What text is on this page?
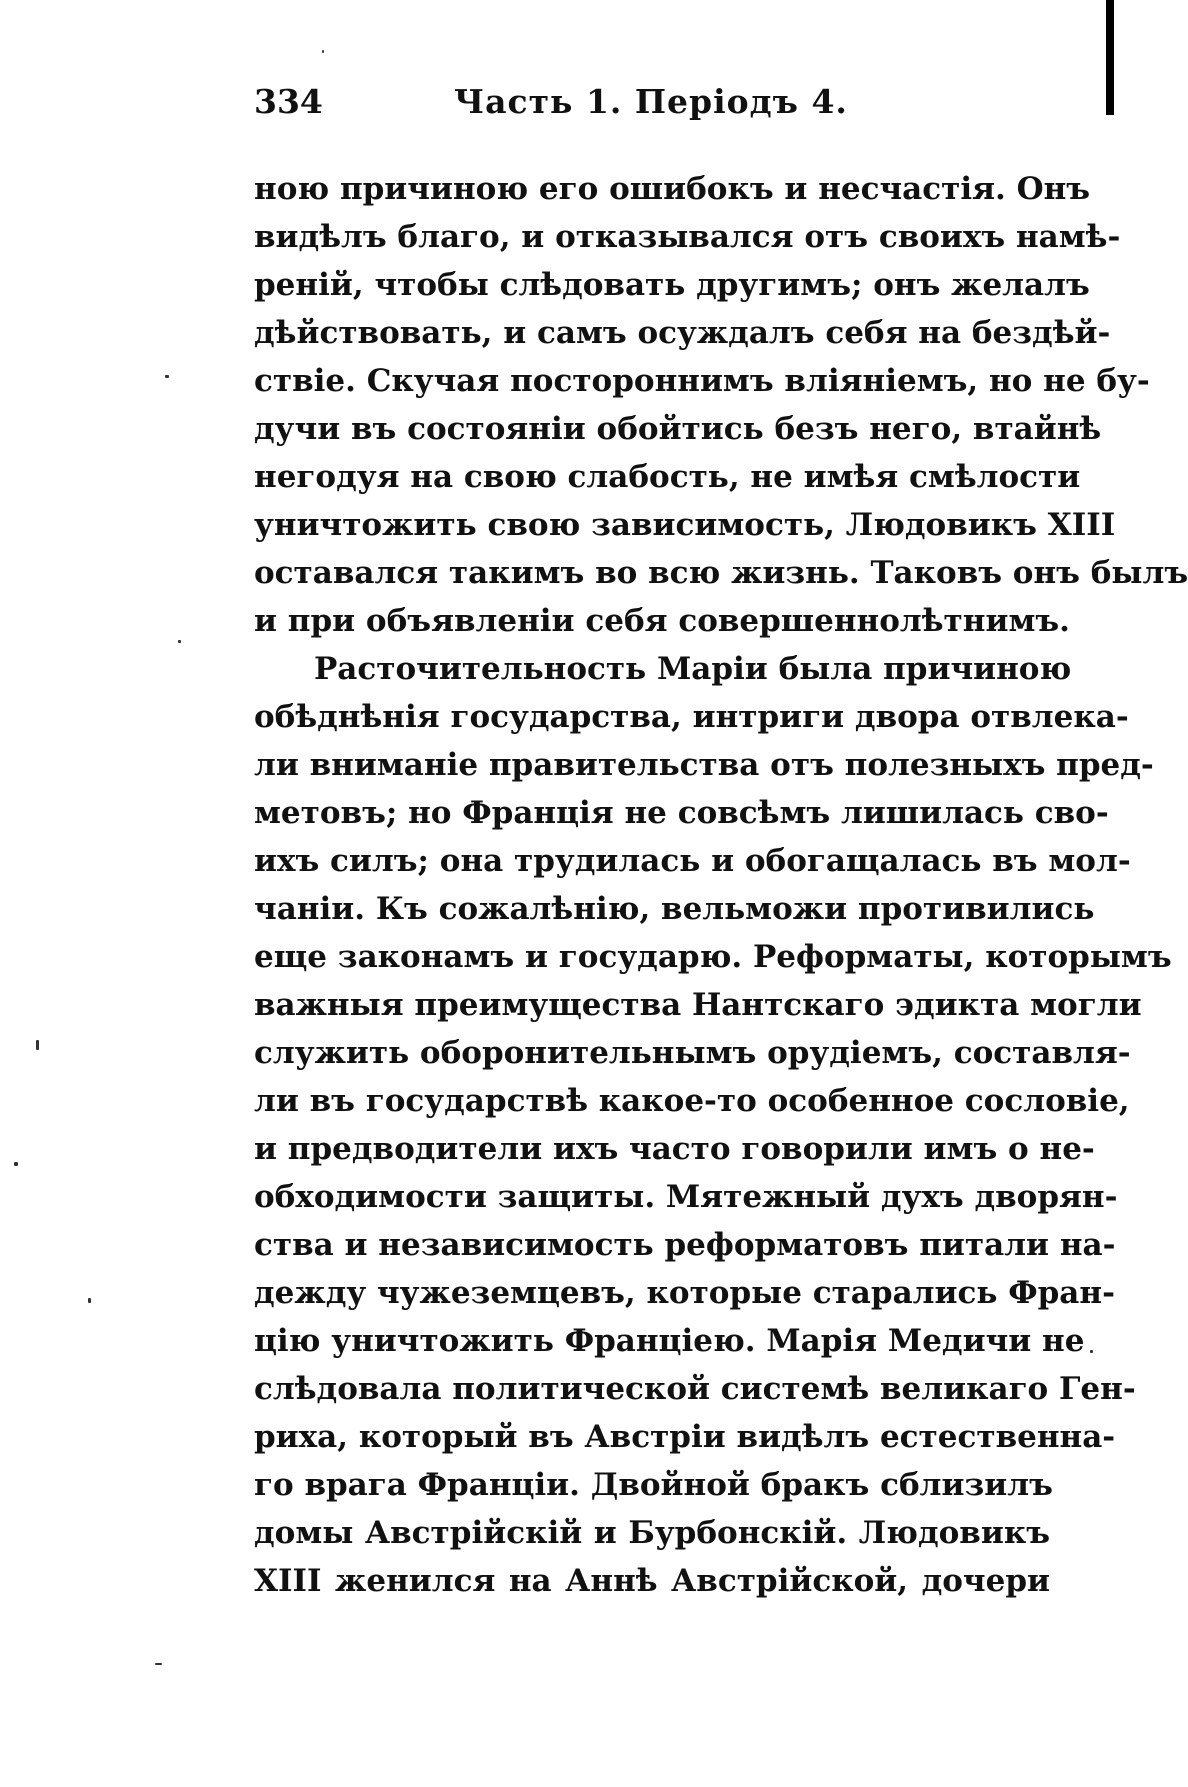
334	Часть 1. Періодъ 4.
ною причиною его ошибокъ и несчастія. Онъ
видѣлъ благо, и отказывался отъ своихъ намѣ-
реній, чтобы слѣдовать другимъ; онъ желалъ
дѣйствовать, и самъ осуждалъ себя на бездѣй-
ствіе. Скучая постороннимъ вліяніемъ, но не бу-
дучи въ состояніи обойтись безъ него, втайнѣ
негодуя на свою слабость, не имѣя смѣлости
уничтожить свою зависимость, Людовикъ XIII
оставался такимъ во всю жизнь. Таковъ онъ былъ
и при объявленіи себя совершеннолѣтнимъ.
Расточительность Маріи была причиною
обѣднѣнія государства, интриги двора отвлека-
ли вниманіе правительства отъ полезныхъ пред-
метовъ; но Франція не совсѣмъ лишилась сво-
ихъ силъ; она трудилась и обогащалась въ мол-
чаніи. Къ сожалѣнію, вельможи противились
еще законамъ и государю. Реформаты, которымъ
важныя преимущества Нантскаго эдикта могли
служить оборонительнымъ орудіемъ, составля-
ли въ государствѣ какое-то особенное сословіе,
и предводители ихъ часто говорили имъ о не-
обходимости защиты. Мятежный духъ дворян-
ства и независимость реформатовъ питали на-
дежду чужеземцевъ, которые старались Фран-
цію уничтожить Франціею. Марія Медичи не
слѣдовала политической системѣ великаго Ген-
риха, который въ Австріи видѣлъ естественна-
го врага Франціи. Двойной бракъ сблизилъ
домы Австрійскій и Бурбонскій. Людовикъ
XIII женился на Аннѣ Австрійской, дочери
